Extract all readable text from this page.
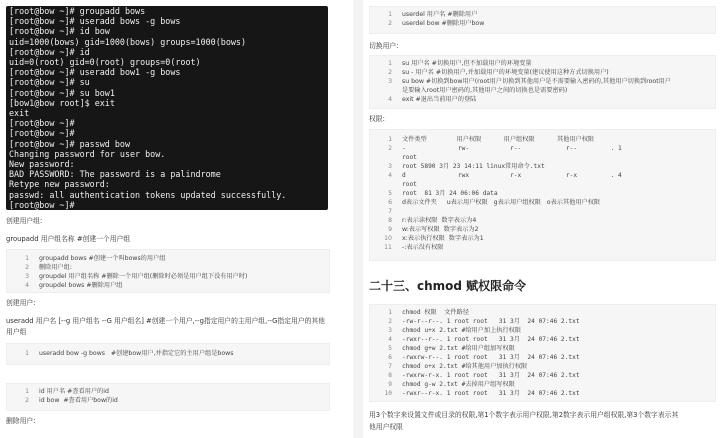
[root@bow ~]# groupadd bows
[root@bow ~]# useradd bows -g bows
[root@bow ~]# id bow
uid=1000(bows) gid=1000(bows) groups=1000(bows)
[root@bow ~]# id
uid=0(root) gid=0(root) groups=0(root)
[root@bow ~]# useradd bow1 -g bows
[root@bow ~]# su
[root@bow ~]# su bow1
[bow1@bow root]$ exit
exit
[root@bow ~]#
[root@bow ~]#
[root@bow ~]# passwd bow
Changing password for user bow.
New password:
BAD PASSWORD: The password is a palindrome
Retype new password:
passwd: all authentication tokens updated successfully.
[root@bow ~]#
创建用户组:
groupadd 用户组名称 #创建一个用户组
1 groupadd bows #创建一个叫bows的用户组
2 删除用户组:
3 groupdel 用户组名称 #删除一个用户组(删除时必须是用户组下没有用户时)
4 groupdel bows #删除用户组
创建用户:
useradd 用户名 [--g 用户组名 --G 用户组名] #创建一个用户,--g指定用户的主用户组,--G指定用户的其他
用户组
1 useradd bow -g bows   #创建bow用户,并指定它的主用户组是bows
1 id 用户名 #查看用户的id
2 id bow  #查看用户bow的id
删除用户:
1 userdel 用户名 #删除用户
2 userdel bow #删除用户bow
切换用户:
1 su 用户名 #切换用户,但不加载用户的环境变量
2 su - 用户名 #切换用户,并加载用户的环境变量(建议使用这种方式切换用户)
3 su bow #切换到bow用户(root用户切换到其他用户是不需要输入密码的,其他用户切换到root用户
是要输入root用户密码的,其他用户之间的切换也是需要密码)
4 exit #退出当前用户的登陆
权限:
1 文件类型        用户权限      用户组权限      其他用户权限
2 -              rw-           r--            r--         . 1
root
3 root 5890 3月 23 14:11 linux常用命令.txt
4 d              rwx           r-x            r-x         . 4
root
5 root  81 3月 24 06:06 data
6 d表示文件夹     u表示用户权限   g表示用户组权限   o表示其他用户权限
7
8 r:表示读权限  数字表示为4
9 w:表示写权限  数字表示为2
10 x:表示执行权限  数字表示为1
11 -:表示没有权限
二十三、chmod 赋权限命令
1 chmod 权限  文件路径
2 -rw-r--r--. 1 root root   31 3月  24 07:46 2.txt
3 chmod u+x 2.txt #给用户加上执行权限
4 -rwxr--r--. 1 root root   31 3月  24 07:46 2.txt
5 chmod g+w 2.txt #给用户组加写权限
6 -rwxrw-r--. 1 root root   31 3月  24 07:46 2.txt
7 chmod o+x 2.txt #给其他用户加执行权限
8 -rwxrw-r-x. 1 root root   31 3月  24 07:46 2.txt
9 chmod g-w 2.txt #去掉用户组写权限
10 -rwxr--r-x. 1 root root   31 3月  24 07:46 2.txt
用3个数字来设置文件或目录的权限,第1个数字表示用户权限,第2数字表示用户组权限,第3个数字表示其
他用户权限
